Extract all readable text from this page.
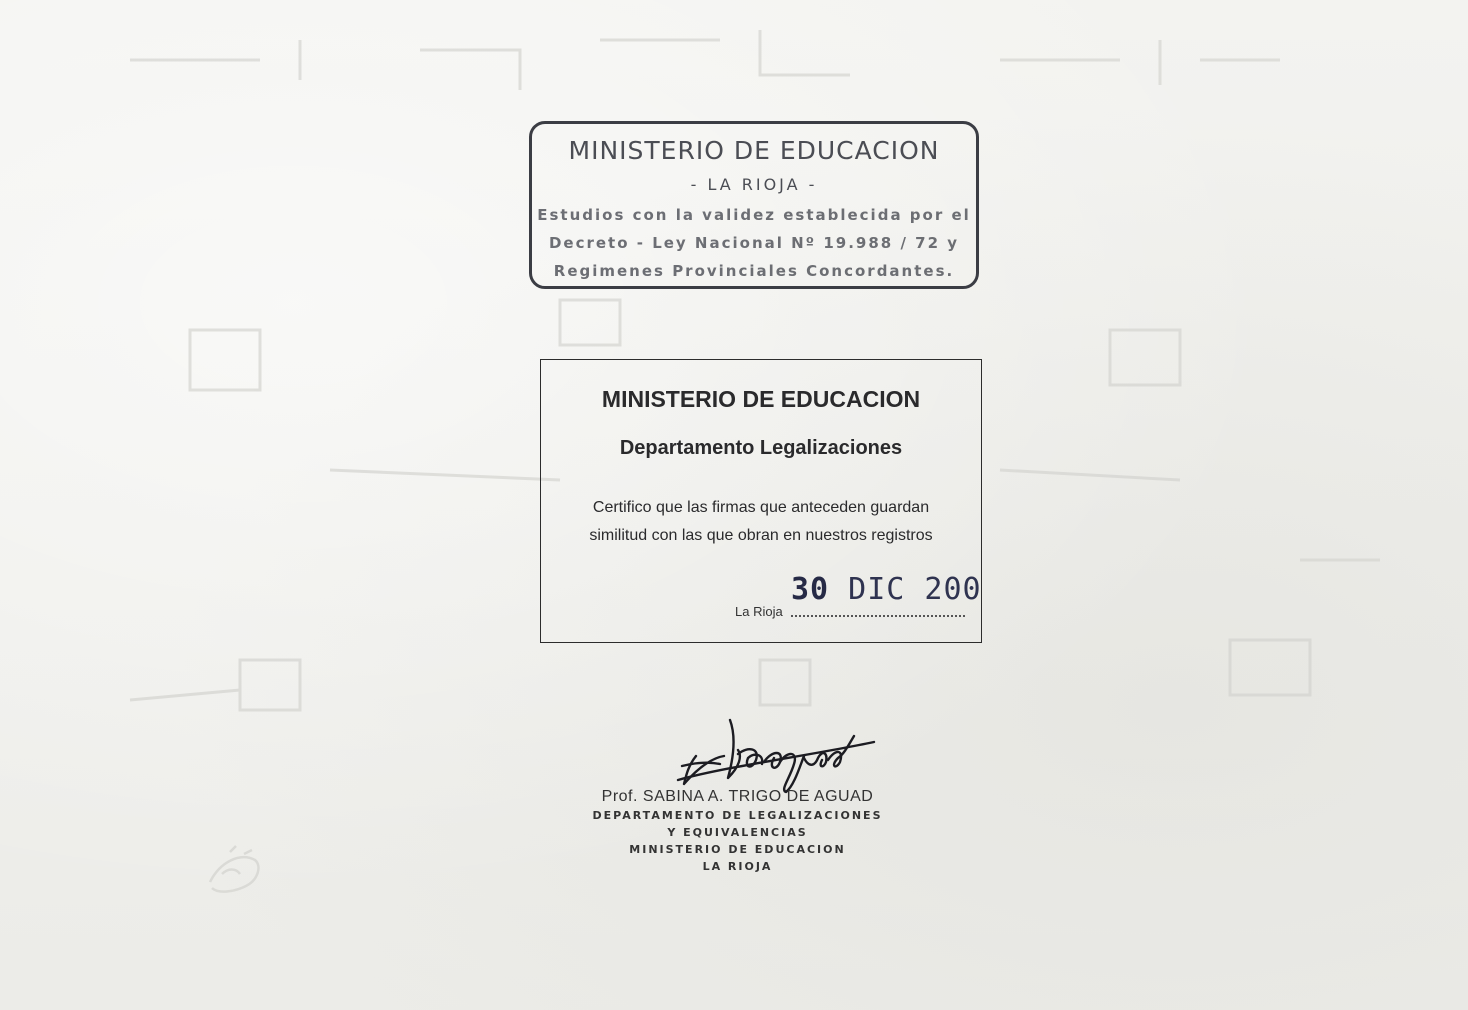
MINISTERIO DE EDUCACION
- LA RIOJA -
Estudios con la validez establecida por el
Decreto - Ley Nacional Nº 19.988 / 72 y
Regimenes Provinciales Concordantes.
MINISTERIO DE EDUCACION
Departamento Legalizaciones
Certifico que las firmas que anteceden guardan
similitud con las que obran en nuestros registros
La Rioja
30 DIC 200
Prof. SABINA A. TRIGO DE AGUAD
DEPARTAMENTO DE LEGALIZACIONES
Y EQUIVALENCIAS
MINISTERIO DE EDUCACION
LA RIOJA
